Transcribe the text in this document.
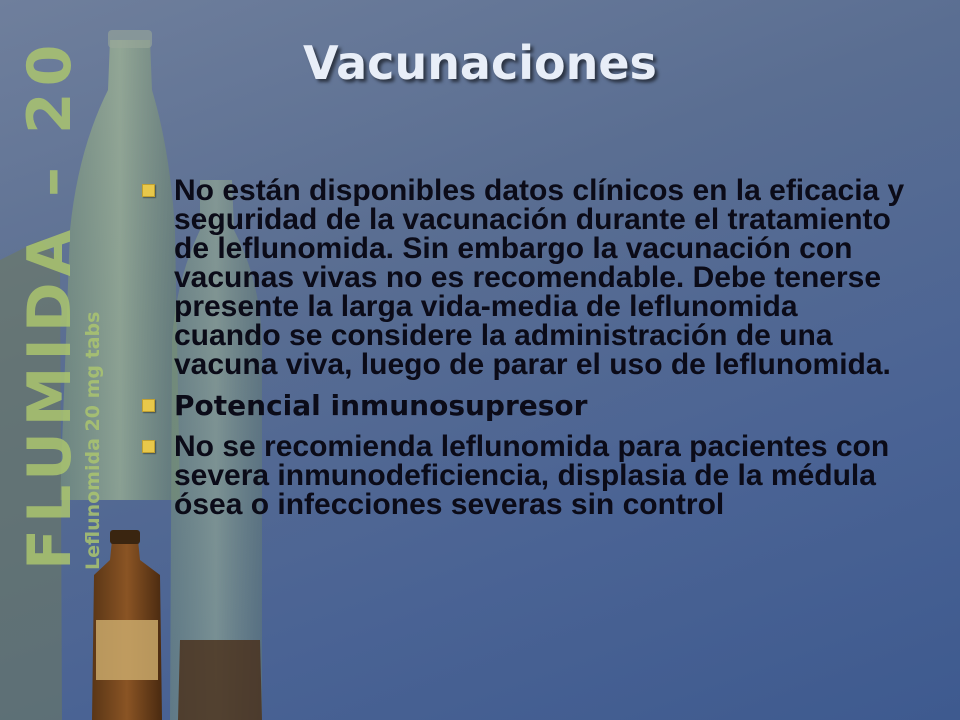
FLUMIDA – 20
Leflunomida 20 mg tabs
Vacunaciones
No están disponibles datos clínicos en la eficacia y seguridad de la vacunación durante el tratamiento de leflunomida. Sin embargo la vacunación con vacunas vivas no es recomendable. Debe tenerse presente la larga vida-media de leflunomida cuando se considere la administración de una vacuna viva, luego de parar el uso de leflunomida.
Potencial inmunosupresor
No se recomienda leflunomida para pacientes con severa inmunodeficiencia, displasia de la médula ósea o infecciones severas sin control
